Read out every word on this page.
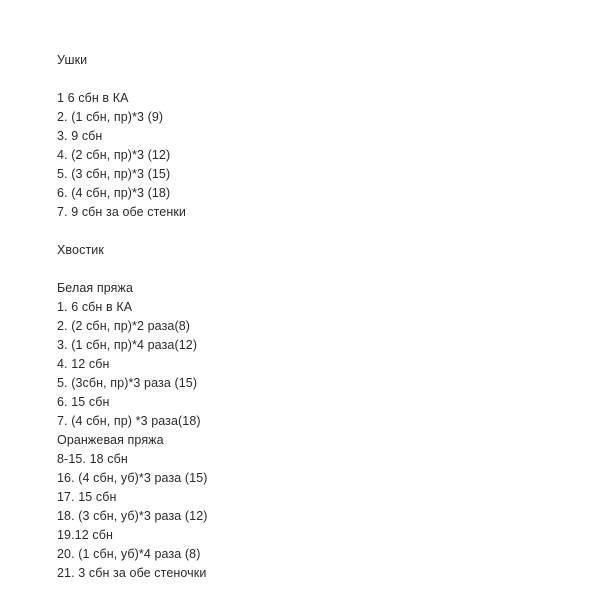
Ушки
1 6 сбн в КА
2. (1 сбн, пр)*3 (9)
3. 9 сбн
4. (2 сбн, пр)*3 (12)
5. (3 сбн, пр)*3 (15)
6. (4 сбн, пр)*3 (18)
7. 9 сбн за обе стенки
Хвостик
Белая пряжа
1. 6 сбн в КА
2. (2 сбн, пр)*2 раза(8)
3. (1 сбн, пр)*4 раза(12)
4. 12 сбн
5. (3сбн, пр)*3 раза (15)
6. 15 сбн
7. (4 сбн, пр) *3 раза(18)
Оранжевая пряжа
8-15. 18 сбн
16. (4 сбн, уб)*3 раза (15)
17. 15 сбн
18. (3 сбн, уб)*3 раза (12)
19.12 сбн
20. (1 сбн, уб)*4 раза (8)
21. 3 сбн за обе стеночки
